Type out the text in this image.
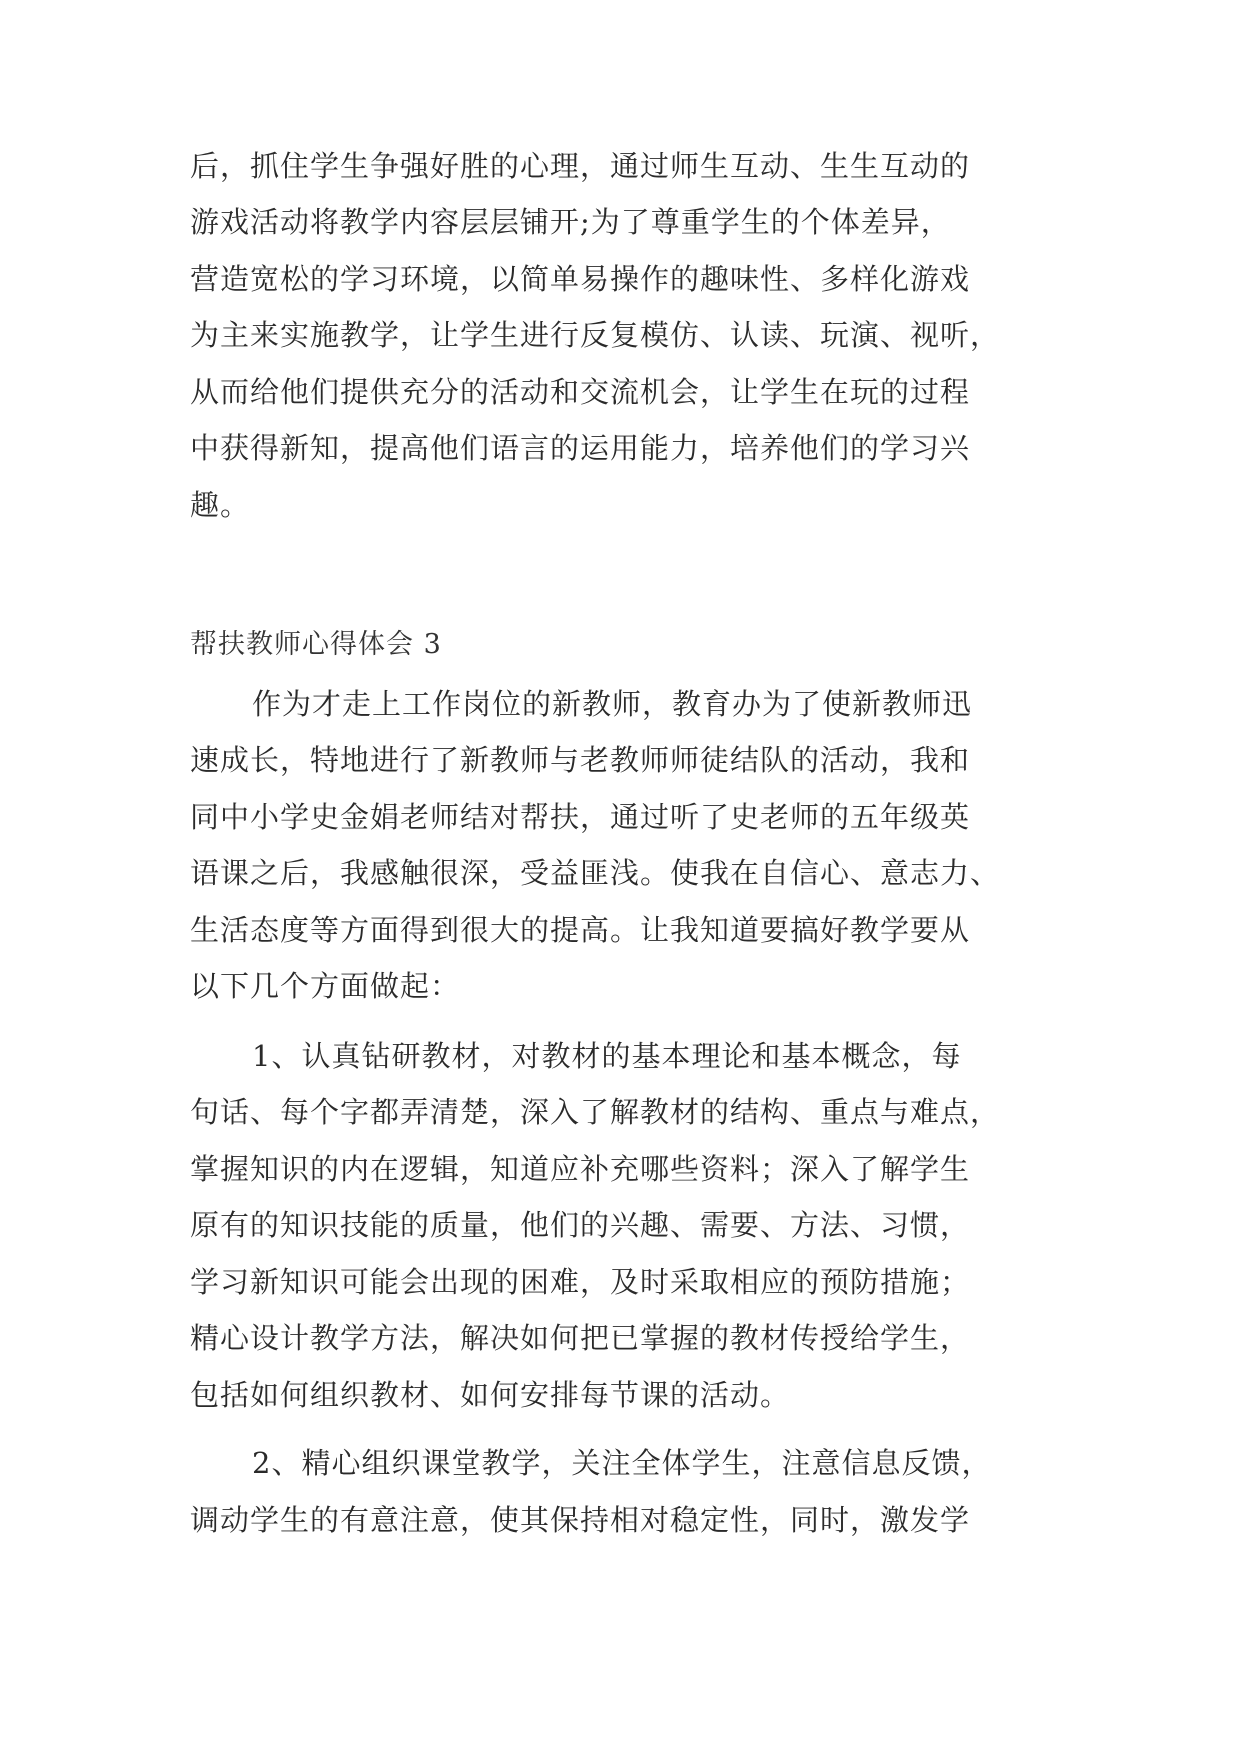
后，抓住学生争强好胜的心理，通过师生互动、生生互动的
游戏活动将教学内容层层铺开;为了尊重学生的个体差异，
营造宽松的学习环境，以简单易操作的趣味性、多样化游戏
为主来实施教学，让学生进行反复模仿、认读、玩演、视听，
从而给他们提供充分的活动和交流机会，让学生在玩的过程
中获得新知，提高他们语言的运用能力，培养他们的学习兴
趣。
帮扶教师心得体会 3
作为才走上工作岗位的新教师，教育办为了使新教师迅
速成长，特地进行了新教师与老教师师徒结队的活动，我和
同中小学史金娟老师结对帮扶，通过听了史老师的五年级英
语课之后，我感触很深，受益匪浅。使我在自信心、意志力、
生活态度等方面得到很大的提高。让我知道要搞好教学要从
以下几个方面做起：
1、认真钻研教材，对教材的基本理论和基本概念，每
句话、每个字都弄清楚，深入了解教材的结构、重点与难点，
掌握知识的内在逻辑，知道应补充哪些资料；深入了解学生
原有的知识技能的质量，他们的兴趣、需要、方法、习惯，
学习新知识可能会出现的困难，及时采取相应的预防措施；
精心设计教学方法，解决如何把已掌握的教材传授给学生，
包括如何组织教材、如何安排每节课的活动。
2、精心组织课堂教学，关注全体学生，注意信息反馈，
调动学生的有意注意，使其保持相对稳定性，同时，激发学
